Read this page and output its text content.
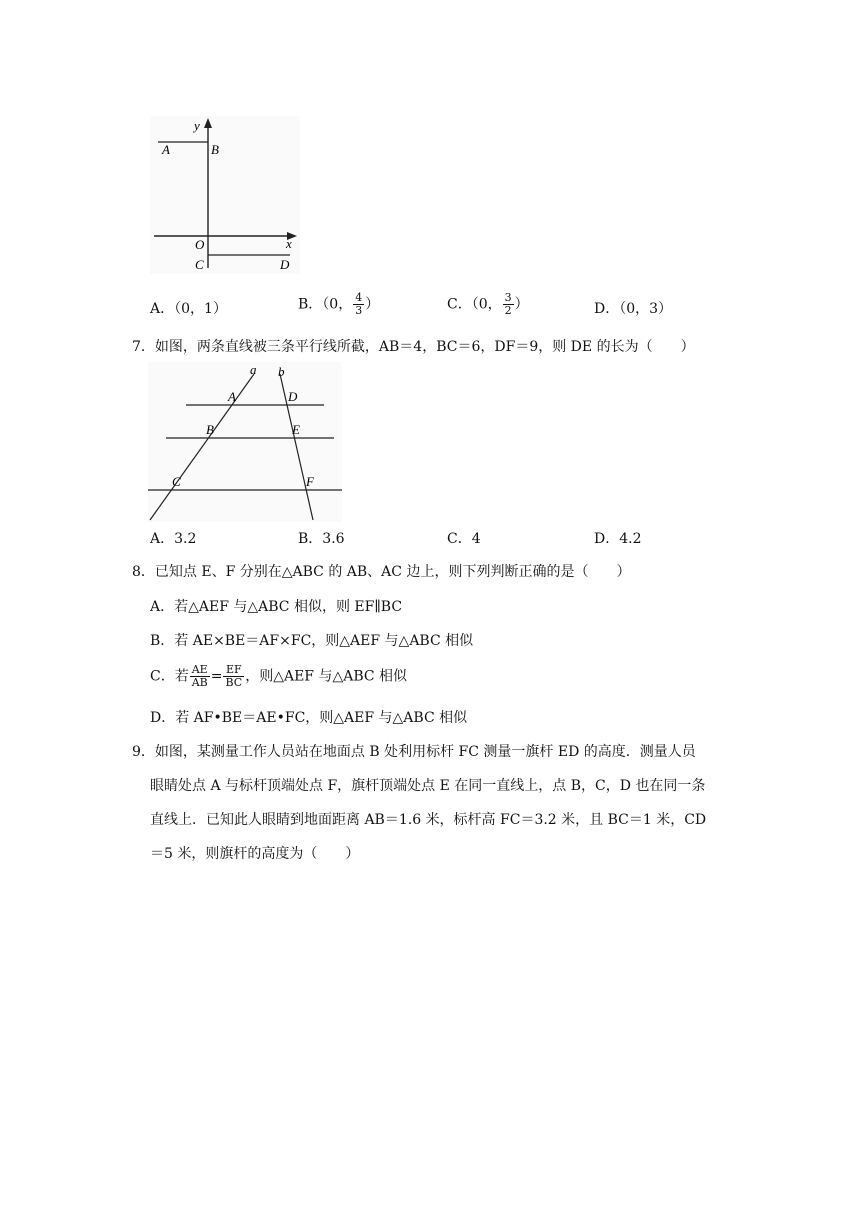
y
x
A	B
O
C	D
A．（0，1）	B．（0， $\frac{4}{3}$ ）	C．（0， $\frac{3}{2}$ ）	D．（0，3）
7．如图，两条直线被三条平行线所截，AB＝4，BC＝6，DF＝9，则 DE 的长为（　　）
a b
A	D
B	E
C	F
A．3.2	B．3.6	C．4	D．4.2
8．已知点 E、F 分别在△ABC 的 AB、AC 边上，则下列判断正确的是（　　）
A．若△AEF 与△ABC 相似，则 EF∥BC
B．若 AE×BE＝AF×FC，则△AEF 与△ABC 相似
C．若 $\frac{AE}{AB} = \frac{EF}{BC}$ ，则△AEF 与△ABC 相似
D．若 AF•BE＝AE•FC，则△AEF 与△ABC 相似
9．如图，某测量工作人员站在地面点 B 处利用标杆 FC 测量一旗杆 ED 的高度．测量人员
眼睛处点 A 与标杆顶端处点 F，旗杆顶端处点 E 在同一直线上，点 B，C，D 也在同一条
直线上．已知此人眼睛到地面距离 AB＝1.6 米，标杆高 FC＝3.2 米，且 BC＝1 米，CD
＝5 米，则旗杆的高度为（　　）
